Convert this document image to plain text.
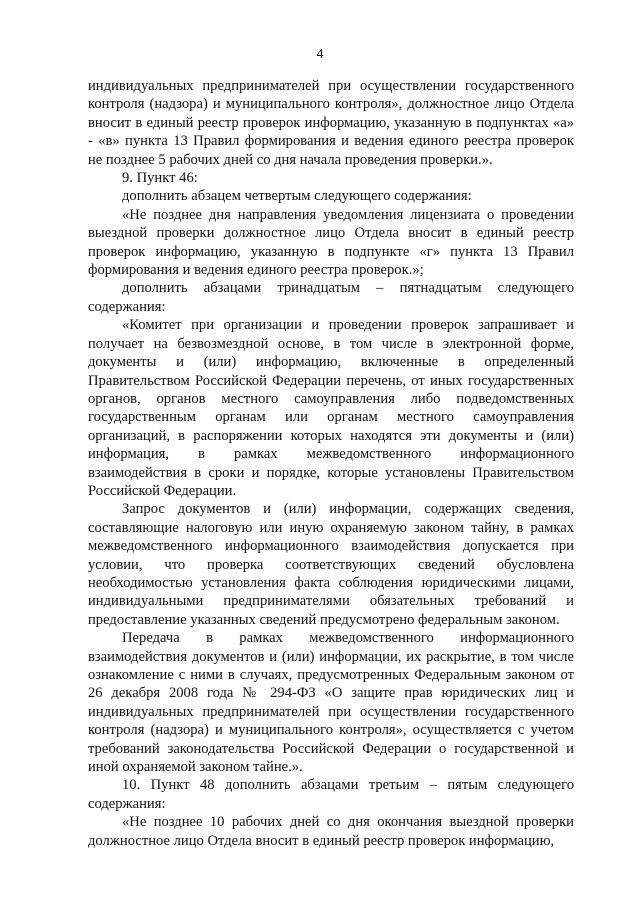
4

индивидуальных предпринимателей при осуществлении государственного контроля (надзора) и муниципального контроля», должностное лицо Отдела вносит в единый реестр проверок информацию, указанную в подпунктах «а» - «в» пункта 13 Правил формирования и ведения единого реестра проверок не позднее 5 рабочих дней со дня начала проведения проверки.».

9. Пункт 46:

дополнить абзацем четвертым следующего содержания:

«Не позднее дня направления уведомления лицензиата о проведении выездной проверки должностное лицо Отдела вносит в единый реестр проверок информацию, указанную в подпункте «г» пункта 13 Правил формирования и ведения единого реестра проверок.»;

дополнить абзацами тринадцатым – пятнадцатым следующего содержания:

«Комитет при организации и проведении проверок запрашивает и получает на безвозмездной основе, в том числе в электронной форме, документы и (или) информацию, включенные в определенный Правительством Российской Федерации перечень, от иных государственных органов, органов местного самоуправления либо подведомственных государственным органам или органам местного самоуправления организаций, в распоряжении которых находятся эти документы и (или) информация, в рамках межведомственного информационного взаимодействия в сроки и порядке, которые установлены Правительством Российской Федерации.

Запрос документов и (или) информации, содержащих сведения, составляющие налоговую или иную охраняемую законом тайну, в рамках межведомственного информационного взаимодействия допускается при условии, что проверка соответствующих сведений обусловлена необходимостью установления факта соблюдения юридическими лицами, индивидуальными предпринимателями обязательных требований и предоставление указанных сведений предусмотрено федеральным законом.

Передача в рамках межведомственного информационного взаимодействия документов и (или) информации, их раскрытие, в том числе ознакомление с ними в случаях, предусмотренных Федеральным законом от 26 декабря 2008 года № 294-ФЗ «О защите прав юридических лиц и индивидуальных предпринимателей при осуществлении государственного контроля (надзора) и муниципального контроля», осуществляется с учетом требований законодательства Российской Федерации о государственной и иной охраняемой законом тайне.».

10. Пункт 48 дополнить абзацами третьим – пятым следующего содержания:

«Не позднее 10 рабочих дней со дня окончания выездной проверки должностное лицо Отдела вносит в единый реестр проверок информацию,
